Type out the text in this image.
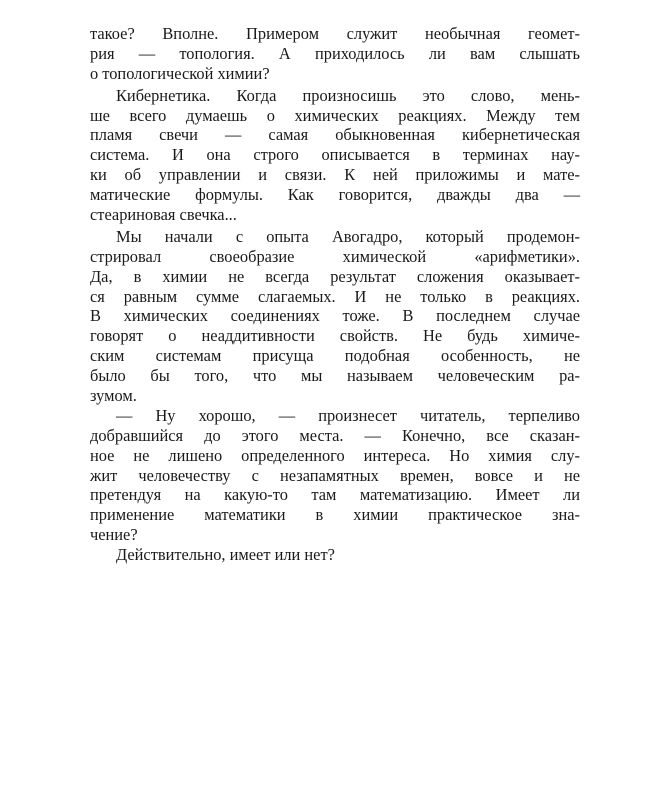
такое? Вполне. Примером служит необычная геомет-
рия — топология. А приходилось ли вам слышать
о топологической химии?
Кибернетика. Когда произносишь это слово, мень-
ше всего думаешь о химических реакциях. Между тем
пламя свечи — самая обыкновенная кибернетическая
система. И она строго описывается в терминах нау-
ки об управлении и связи. К ней приложимы и мате-
матические формулы. Как говорится, дважды два —
стеариновая свечка...
Мы начали с опыта Авогадро, который продемон-
стрировал своеобразие химической «арифметики».
Да, в химии не всегда результат сложения оказывает-
ся равным сумме слагаемых. И не только в реакциях.
В химических соединениях тоже. В последнем случае
говорят о неаддитивности свойств. Не будь химиче-
ским системам присуща подобная особенность, не
было бы того, что мы называем человеческим ра-
зумом.
— Ну хорошо, — произнесет читатель, терпеливо
добравшийся до этого места. — Конечно, все сказан-
ное не лишено определенного интереса. Но химия слу-
жит человечеству с незапамятных времен, вовсе и не
претендуя на какую-то там математизацию. Имеет ли
применение математики в химии практическое зна-
чение?
Действительно, имеет или нет?
